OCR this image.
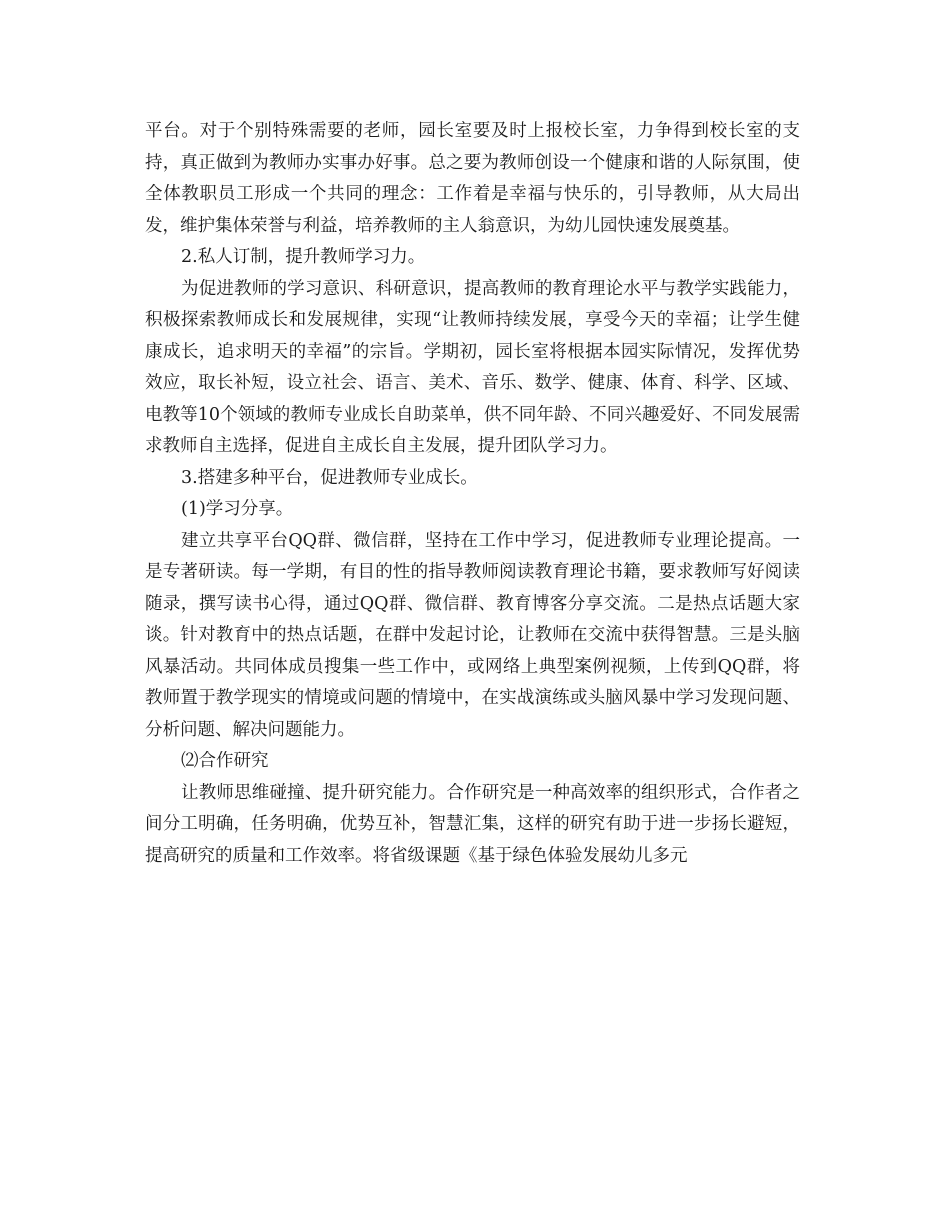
平台。对于个别特殊需要的老师，园长室要及时上报校长室，力争得到校长室的支持，真正做到为教师办实事办好事。总之要为教师创设一个健康和谐的人际氛围，使全体教职员工形成一个共同的理念：工作着是幸福与快乐的，引导教师，从大局出发，维护集体荣誉与利益，培养教师的主人翁意识，为幼儿园快速发展奠基。

2.私人订制，提升教师学习力。

为促进教师的学习意识、科研意识，提高教师的教育理论水平与教学实践能力，积极探索教师成长和发展规律，实现“让教师持续发展，享受今天的幸福；让学生健康成长，追求明天的幸福”的宗旨。学期初，园长室将根据本园实际情况，发挥优势效应，取长补短，设立社会、语言、美术、音乐、数学、健康、体育、科学、区域、电教等10个领域的教师专业成长自助菜单，供不同年龄、不同兴趣爱好、不同发展需求教师自主选择，促进自主成长自主发展，提升团队学习力。

3.搭建多种平台，促进教师专业成长。

(1)学习分享。

建立共享平台QQ群、微信群，坚持在工作中学习，促进教师专业理论提高。一是专著研读。每一学期，有目的性的指导教师阅读教育理论书籍，要求教师写好阅读随录，撰写读书心得，通过QQ群、微信群、教育博客分享交流。二是热点话题大家谈。针对教育中的热点话题，在群中发起讨论，让教师在交流中获得智慧。三是头脑风暴活动。共同体成员搜集一些工作中，或网络上典型案例视频，上传到QQ群，将教师置于教学现实的情境或问题的情境中，在实战演练或头脑风暴中学习发现问题、分析问题、解决问题能力。

⑵合作研究

让教师思维碰撞、提升研究能力。合作研究是一种高效率的组织形式，合作者之间分工明确，任务明确，优势互补，智慧汇集，这样的研究有助于进一步扬长避短，提高研究的质量和工作效率。将省级课题《基于绿色体验发展幼儿多元
